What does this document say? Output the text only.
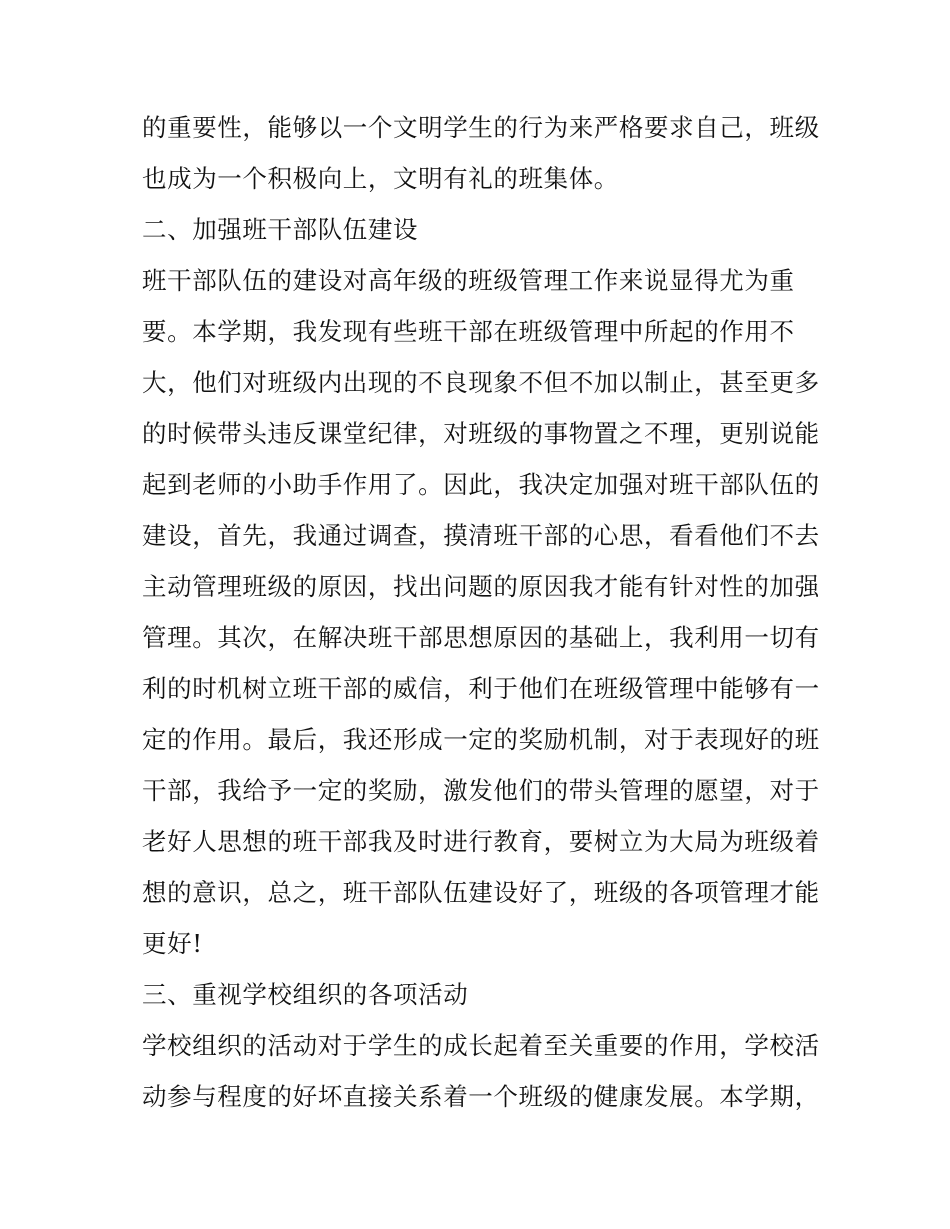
的重要性，能够以一个文明学生的行为来严格要求自己，班级
也成为一个积极向上，文明有礼的班集体。
二、加强班干部队伍建设
班干部队伍的建设对高年级的班级管理工作来说显得尤为重
要。本学期，我发现有些班干部在班级管理中所起的作用不
大，他们对班级内出现的不良现象不但不加以制止，甚至更多
的时候带头违反课堂纪律，对班级的事物置之不理，更别说能
起到老师的小助手作用了。因此，我决定加强对班干部队伍的
建设，首先，我通过调查，摸清班干部的心思，看看他们不去
主动管理班级的原因，找出问题的原因我才能有针对性的加强
管理。其次，在解决班干部思想原因的基础上，我利用一切有
利的时机树立班干部的威信，利于他们在班级管理中能够有一
定的作用。最后，我还形成一定的奖励机制，对于表现好的班
干部，我给予一定的奖励，激发他们的带头管理的愿望，对于
老好人思想的班干部我及时进行教育，要树立为大局为班级着
想的意识，总之，班干部队伍建设好了，班级的各项管理才能
更好!
三、重视学校组织的各项活动
学校组织的活动对于学生的成长起着至关重要的作用，学校活
动参与程度的好坏直接关系着一个班级的健康发展。本学期，
